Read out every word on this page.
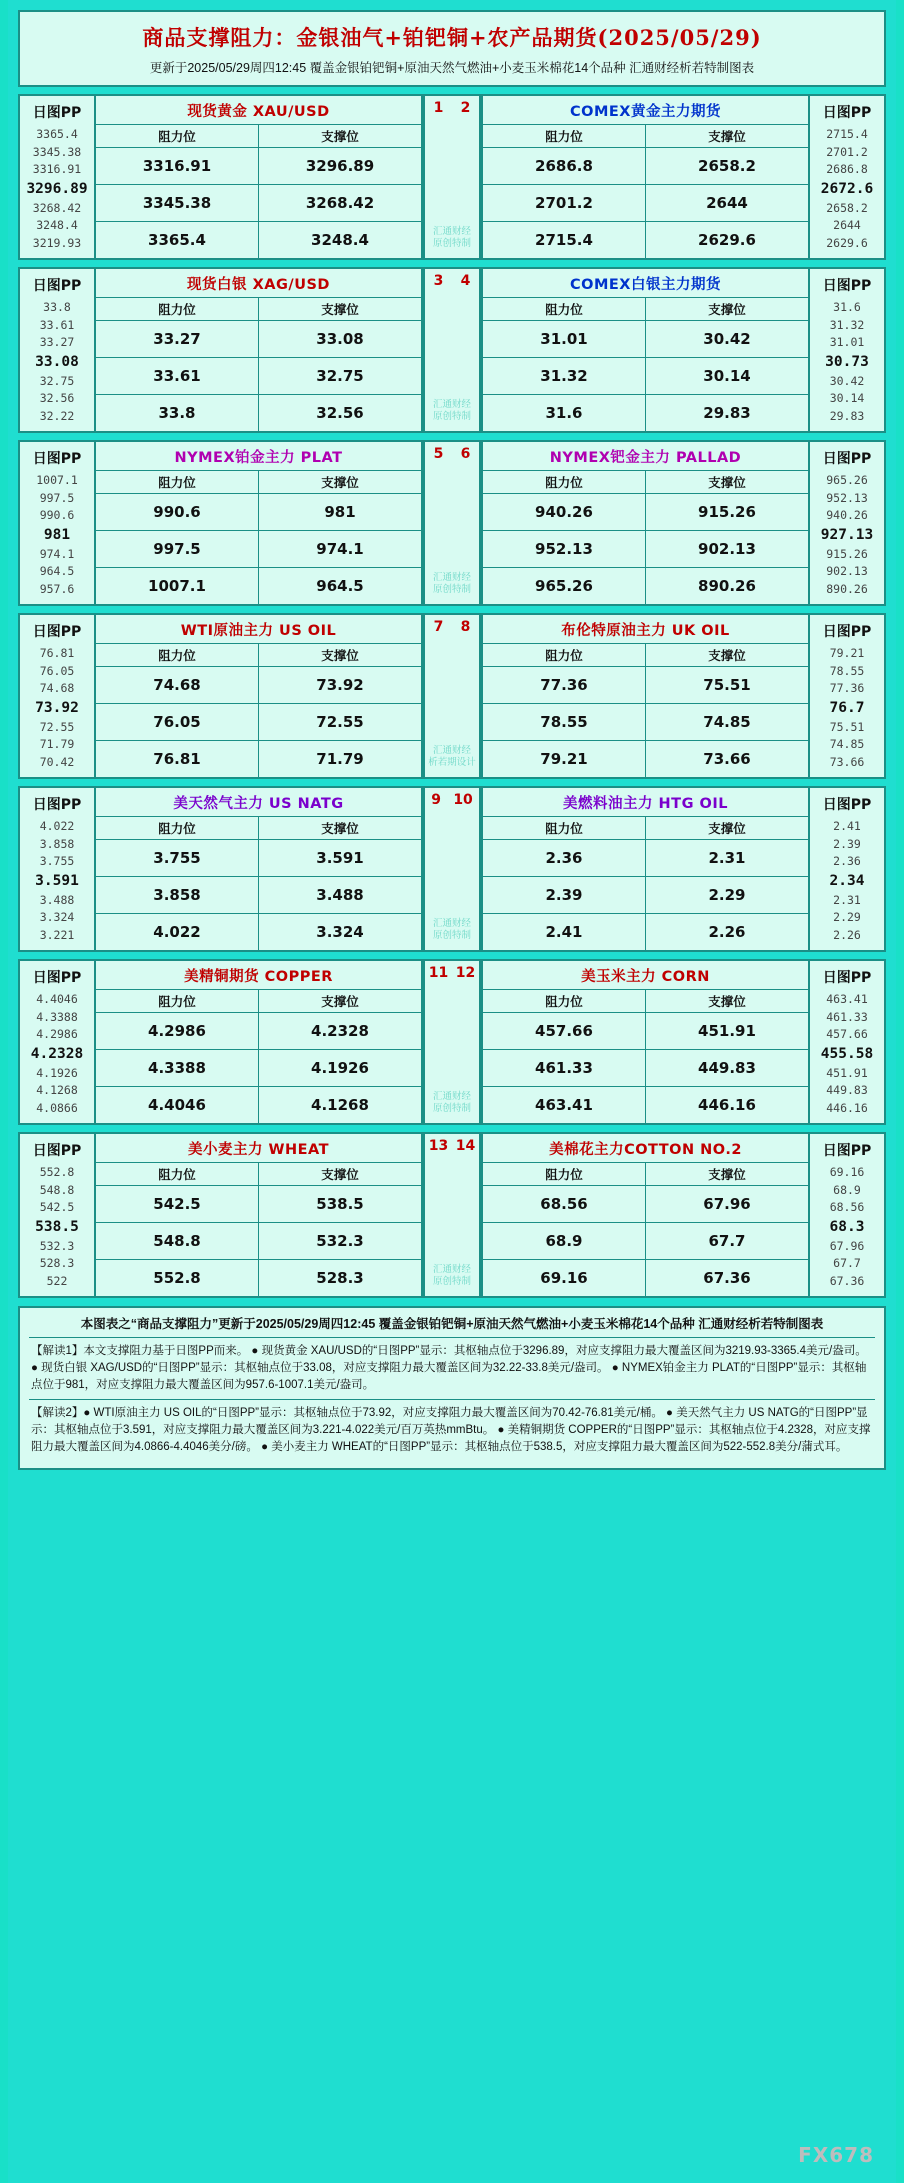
商品支撑阻力：金银油气+铂钯铜+农产品期货(2025/05/29)
更新于2025/05/29周四12:45 覆盖金银铂钯铜+原油天然气燃油+小麦玉米棉花14个品种 汇通财经析若特制图表
日图PP
3365.4
3345.38
3316.91
3296.89
3268.42
3248.4
3219.93
现货黄金 XAU/USD
阻力位	支撑位
3316.91	3296.89
3345.38	3268.42
3365.4	3248.4
1 2
汇通财经
原创特制
COMEX黄金主力期货
阻力位	支撑位
2686.8	2658.2
2701.2	2644
2715.4	2629.6
日图PP
2715.4
2701.2
2686.8
2672.6
2658.2
2644
2629.6
日图PP
33.8
33.61
33.27
33.08
32.75
32.56
32.22
现货白银 XAG/USD
阻力位	支撑位
33.27	33.08
33.61	32.75
33.8	32.56
3 4
汇通财经
原创特制
COMEX白银主力期货
阻力位	支撑位
31.01	30.42
31.32	30.14
31.6	29.83
日图PP
31.6
31.32
31.01
30.73
30.42
30.14
29.83
日图PP
1007.1
997.5
990.6
981
974.1
964.5
957.6
NYMEX铂金主力 PLAT
阻力位	支撑位
990.6	981
997.5	974.1
1007.1	964.5
5 6
汇通财经
原创特制
NYMEX钯金主力 PALLAD
阻力位	支撑位
940.26	915.26
952.13	902.13
965.26	890.26
日图PP
965.26
952.13
940.26
927.13
915.26
902.13
890.26
日图PP
76.81
76.05
74.68
73.92
72.55
71.79
70.42
WTI原油主力 US OIL
阻力位	支撑位
74.68	73.92
76.05	72.55
76.81	71.79
7 8
汇通财经
析若期设计
布伦特原油主力 UK OIL
阻力位	支撑位
77.36	75.51
78.55	74.85
79.21	73.66
日图PP
79.21
78.55
77.36
76.7
75.51
74.85
73.66
日图PP
4.022
3.858
3.755
3.591
3.488
3.324
3.221
美天然气主力 US NATG
阻力位	支撑位
3.755	3.591
3.858	3.488
4.022	3.324
9 10
汇通财经
原创特制
美燃料油主力 HTG OIL
阻力位	支撑位
2.36	2.31
2.39	2.29
2.41	2.26
日图PP
2.41
2.39
2.36
2.34
2.31
2.29
2.26
日图PP
4.4046
4.3388
4.2986
4.2328
4.1926
4.1268
4.0866
美精铜期货 COPPER
阻力位	支撑位
4.2986	4.2328
4.3388	4.1926
4.4046	4.1268
11 12
汇通财经
原创特制
美玉米主力 CORN
阻力位	支撑位
457.66	451.91
461.33	449.83
463.41	446.16
日图PP
463.41
461.33
457.66
455.58
451.91
449.83
446.16
日图PP
552.8
548.8
542.5
538.5
532.3
528.3
522
美小麦主力 WHEAT
阻力位	支撑位
542.5	538.5
548.8	532.3
552.8	528.3
13 14
汇通财经
原创特制
美棉花主力COTTON NO.2
阻力位	支撑位
68.56	67.96
68.9	67.7
69.16	67.36
日图PP
69.16
68.9
68.56
68.3
67.96
67.7
67.36
本图表之“商品支撑阻力”更新于2025/05/29周四12:45 覆盖金银铂钯铜+原油天然气燃油+小麦玉米棉花14个品种 汇通财经析若特制图表
【解读1】本文支撑阻力基于日图PP而来。 ● 现货黄金 XAU/USD的“日图PP”显示：其枢轴点位于3296.89，对应支撑阻力最大覆盖区间为3219.93-3365.4美元/盎司。 ● 现货白银 XAG/USD的“日图PP”显示：其枢轴点位于33.08，对应支撑阻力最大覆盖区间为32.22-33.8美元/盎司。 ● NYMEX铂金主力 PLAT的“日图PP”显示：其枢轴点位于981，对应支撑阻力最大覆盖区间为957.6-1007.1美元/盎司。
【解读2】● WTI原油主力 US OIL的“日图PP”显示：其枢轴点位于73.92，对应支撑阻力最大覆盖区间为70.42-76.81美元/桶。 ● 美天然气主力 US NATG的“日图PP”显示：其枢轴点位于3.591，对应支撑阻力最大覆盖区间为3.221-4.022美元/百万英热mmBtu。 ● 美精铜期货 COPPER的“日图PP”显示：其枢轴点位于4.2328，对应支撑阻力最大覆盖区间为4.0866-4.4046美分/磅。 ● 美小麦主力 WHEAT的“日图PP”显示：其枢轴点位于538.5，对应支撑阻力最大覆盖区间为522-552.8美分/蒲式耳。
FX678
